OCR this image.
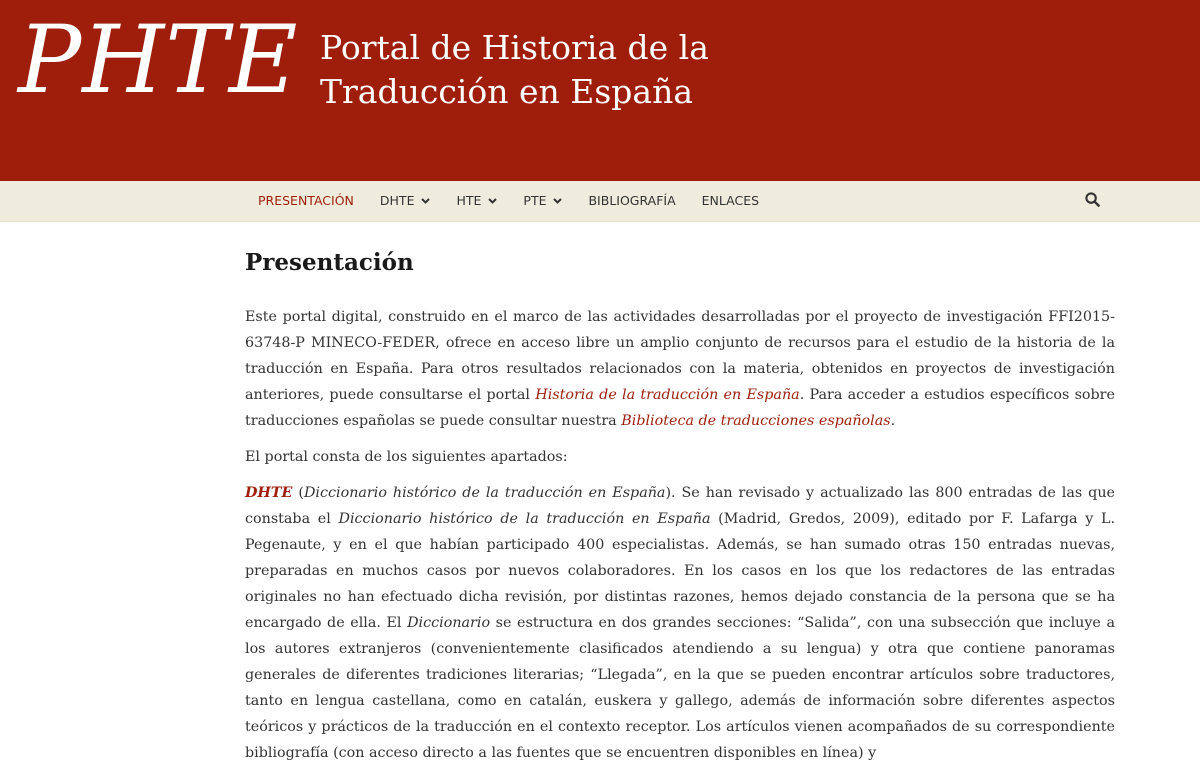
PHTE Portal de Historia de la
Traducción en España
PRESENTACIÓN	DHTE	HTE	PTE	BIBLIOGRAFÍA	ENLACES
Presentación

Este portal digital, construido en el marco de las actividades desarrolladas por el proyecto de investigación FFI2015-63748-P MINECO-FEDER, ofrece en acceso libre un amplio conjunto de recursos para el estudio de la historia de la traducción en España. Para otros resultados relacionados con la materia, obtenidos en proyectos de investigación anteriores, puede consultarse el portal Historia de la traducción en España. Para acceder a estudios específicos sobre traducciones españolas se puede consultar nuestra Biblioteca de traducciones españolas.

El portal consta de los siguientes apartados:

DHTE (Diccionario histórico de la traducción en España). Se han revisado y actualizado las 800 entradas de las que constaba el Diccionario histórico de la traducción en España (Madrid, Gredos, 2009), editado por F. Lafarga y L. Pegenaute, y en el que habían participado 400 especialistas. Además, se han sumado otras 150 entradas nuevas, preparadas en muchos casos por nuevos colaboradores. En los casos en los que los redactores de las entradas originales no han efectuado dicha revisión, por distintas razones, hemos dejado constancia de la persona que se ha encargado de ella. El Diccionario se estructura en dos grandes secciones: “Salida”, con una subsección que incluye a los autores extranjeros (convenientemente clasificados atendiendo a su lengua) y otra que contiene panoramas generales de diferentes tradiciones literarias; “Llegada”, en la que se pueden encontrar artículos sobre traductores, tanto en lengua castellana, como en catalán, euskera y gallego, además de información sobre diferentes aspectos teóricos y prácticos de la traducción en el contexto receptor. Los artículos vienen acompañados de su correspondiente bibliografía (con acceso directo a las fuentes que se encuentren disponibles en línea) y
